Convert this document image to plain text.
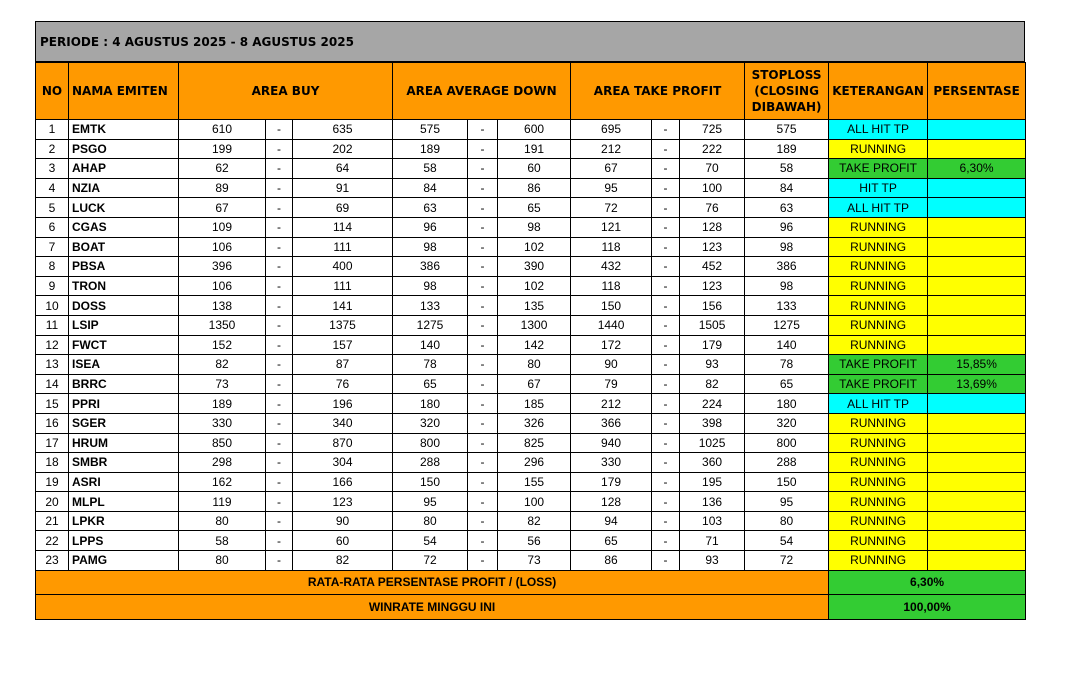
PERIODE : 4 AGUSTUS 2025 - 8 AGUSTUS 2025
NO	NAMA EMITEN	AREA BUY			AREA AVERAGE DOWN			AREA TAKE PROFIT			STOPLOSS (CLOSING DIBAWAH)	KETERANGAN	PERSENTASE
1	EMTK	610	-	635	575	-	600	695	-	725	575	ALL HIT TP	
2	PSGO	199	-	202	189	-	191	212	-	222	189	RUNNING	
3	AHAP	62	-	64	58	-	60	67	-	70	58	TAKE PROFIT	6,30%
4	NZIA	89	-	91	84	-	86	95	-	100	84	HIT TP	
5	LUCK	67	-	69	63	-	65	72	-	76	63	ALL HIT TP	
6	CGAS	109	-	114	96	-	98	121	-	128	96	RUNNING	
7	BOAT	106	-	111	98	-	102	118	-	123	98	RUNNING	
8	PBSA	396	-	400	386	-	390	432	-	452	386	RUNNING	
9	TRON	106	-	111	98	-	102	118	-	123	98	RUNNING	
10	DOSS	138	-	141	133	-	135	150	-	156	133	RUNNING	
11	LSIP	1350	-	1375	1275	-	1300	1440	-	1505	1275	RUNNING	
12	FWCT	152	-	157	140	-	142	172	-	179	140	RUNNING	
13	ISEA	82	-	87	78	-	80	90	-	93	78	TAKE PROFIT	15,85%
14	BRRC	73	-	76	65	-	67	79	-	82	65	TAKE PROFIT	13,69%
15	PPRI	189	-	196	180	-	185	212	-	224	180	ALL HIT TP	
16	SGER	330	-	340	320	-	326	366	-	398	320	RUNNING	
17	HRUM	850	-	870	800	-	825	940	-	1025	800	RUNNING	
18	SMBR	298	-	304	288	-	296	330	-	360	288	RUNNING	
19	ASRI	162	-	166	150	-	155	179	-	195	150	RUNNING	
20	MLPL	119	-	123	95	-	100	128	-	136	95	RUNNING	
21	LPKR	80	-	90	80	-	82	94	-	103	80	RUNNING	
22	LPPS	58	-	60	54	-	56	65	-	71	54	RUNNING	
23	PAMG	80	-	82	72	-	73	86	-	93	72	RUNNING	
RATA-RATA PERSENTASE PROFIT / (LOSS)												6,30%	
WINRATE MINGGU INI												100,00%	
